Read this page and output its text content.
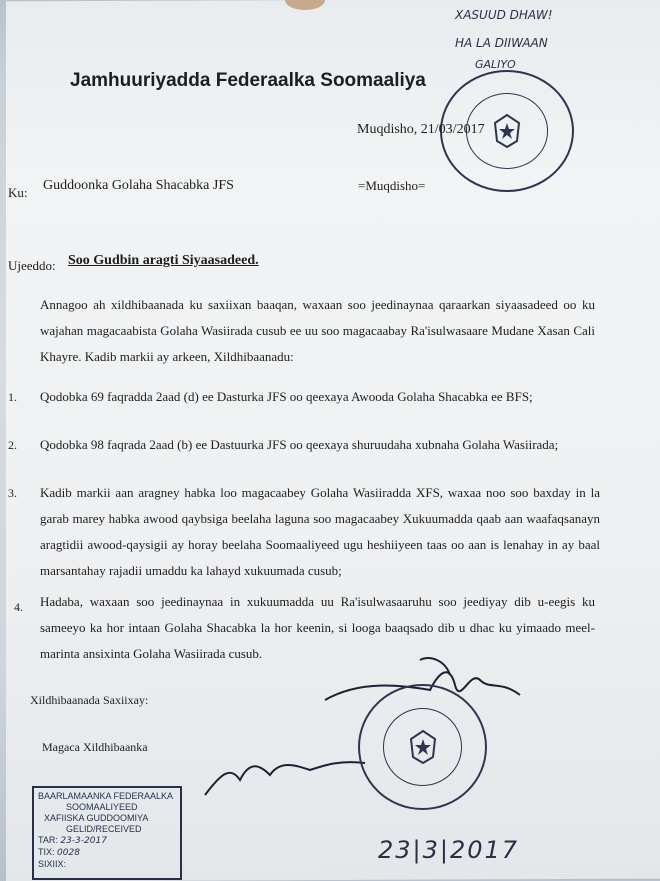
XASUUD DHAW!
HA LA DIIWAAN
GALIYO
Jamhuuriyadda Federaalka Soomaaliya
Muqdisho, 21/03/2017
Ku: Guddoonka Golaha Shacabka JFS	=Muqdisho=
Ujeeddo: Soo Gudbin aragti Siyaasadeed.
Annagoo ah xildhibaanada ku saxiixan baaqan, waxaan soo jeedinaynaa qaraarkan siyaasadeed oo ku wajahan magacaabista Golaha Wasiirada cusub ee uu soo magacaabay Ra'isulwasaare Mudane Xasan Cali Khayre. Kadib markii ay arkeen, Xildhibaanadu:
1. Qodobka 69 faqradda 2aad (d) ee Dasturka JFS oo qeexaya Awooda Golaha Shacabka ee BFS;
2. Qodobka 98 faqrada 2aad (b) ee Dastuurka JFS oo qeexaya shuruudaha xubnaha Golaha Wasiirada;
3. Kadib markii aan aragney habka loo magacaabey Golaha Wasiiradda XFS, waxaa noo soo baxday in la garab marey habka awood qaybsiga beelaha laguna soo magacaabey Xukuumadda qaab aan waafaqsanayn aragtidii awood-qaysigii ay horay beelaha Soomaaliyeed ugu heshiiyeen taas oo aan is lenahay in ay baal marsantahay rajadii umaddu ka lahayd xukuumada cusub;
4. Hadaba, waxaan soo jeedinaynaa in xukuumadda uu Ra'isulwasaaruhu soo jeediyay dib u-eegis ku sameeyo ka hor intaan Golaha Shacabka la hor keenin, si looga baaqsado dib u dhac ku yimaado meel-marinta ansixinta Golaha Wasiirada cusub.
Xildhibaanada Saxiixay:
Magaca Xildhibaanka
BAARLAMAANKA FEDERAALKA
SOOMAALIYEED
XAFIISKA GUDDOOMIYA
GELID/RECEIVED
TAR: 23-3-2017
TIX: 0028
SIXIIX:	23|3|2017
